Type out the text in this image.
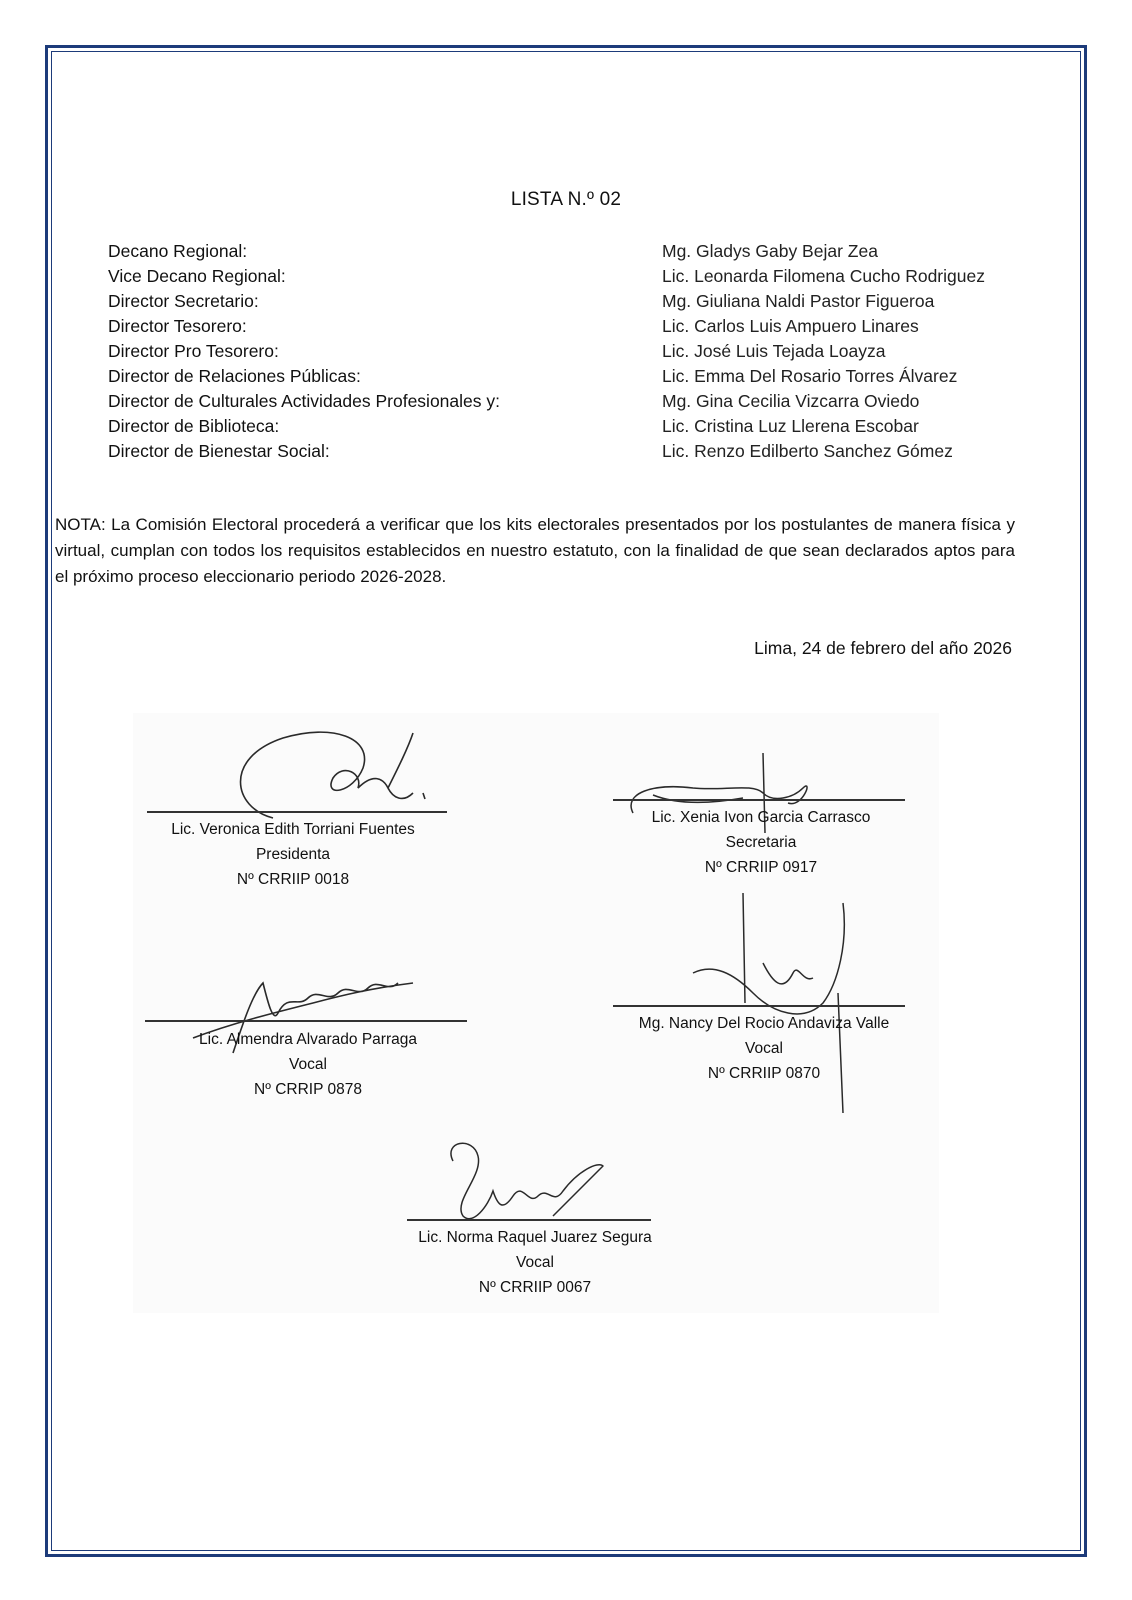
LISTA N.º 02
Decano Regional:	Mg. Gladys Gaby Bejar Zea
Vice Decano Regional:	Lic. Leonarda Filomena Cucho Rodriguez
Director Secretario:	Mg. Giuliana Naldi Pastor Figueroa
Director Tesorero:	Lic. Carlos Luis Ampuero Linares
Director Pro Tesorero:	Lic. José Luis Tejada Loayza
Director de Relaciones Públicas:	Lic. Emma Del Rosario Torres Álvarez
Director de Culturales Actividades Profesionales y:	Mg. Gina Cecilia Vizcarra Oviedo
Director de Biblioteca:	Lic. Cristina Luz Llerena Escobar
Director de Bienestar Social:	Lic. Renzo Edilberto Sanchez Gómez
NOTA: La Comisión Electoral procederá a verificar que los kits electorales presentados por los postulantes de manera física y virtual, cumplan con todos los requisitos establecidos en nuestro estatuto, con la finalidad de que sean declarados aptos para el próximo proceso eleccionario periodo 2026-2028.
Lima, 24 de febrero del año 2026
Lic. Veronica Edith Torriani Fuentes
Presidenta
Nº CRRIIP 0018
Lic. Xenia Ivon Garcia Carrasco
Secretaria
Nº CRRIIP 0917
Lic. Almendra Alvarado Parraga
Vocal
Nº CRRIP 0878
Mg. Nancy Del Rocio Andaviza Valle
Vocal
Nº CRRIIP 0870
Lic. Norma Raquel Juarez Segura
Vocal
Nº CRRIIP 0067
